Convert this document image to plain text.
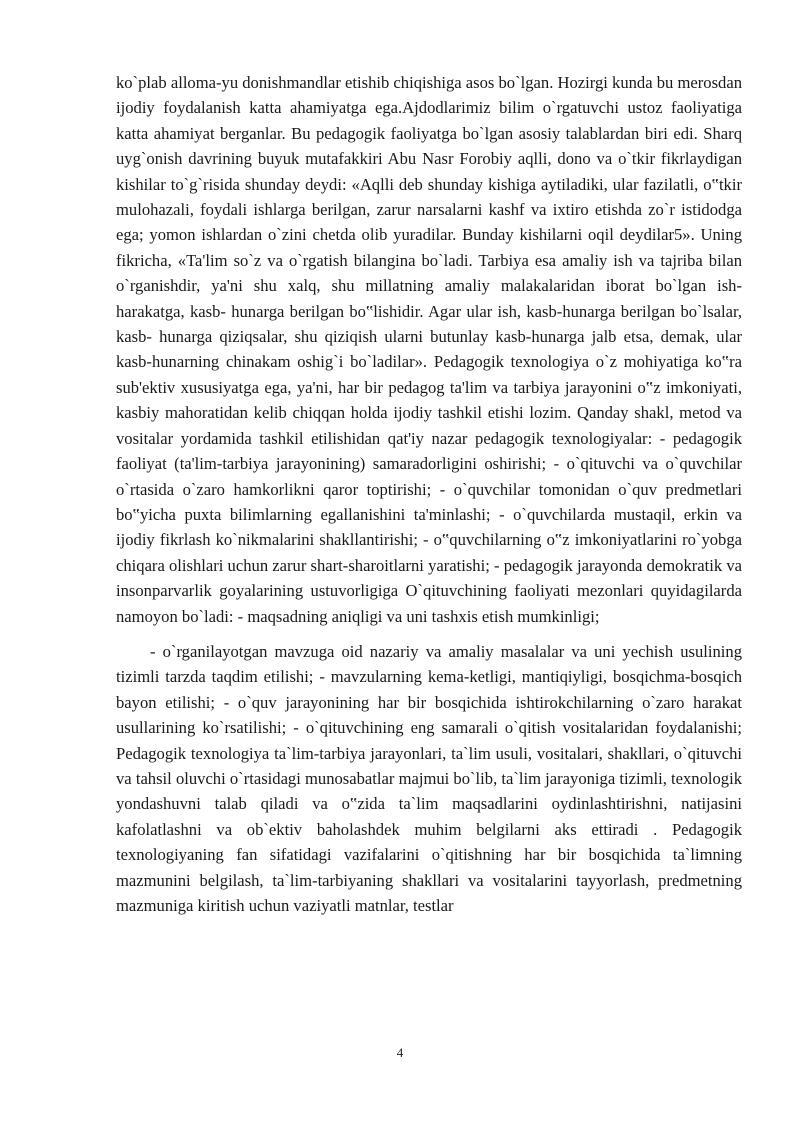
ko`plab alloma-yu donishmandlar etishib chiqishiga asos bo`lgan. Hozirgi kunda bu merosdan ijodiy foydalanish katta ahamiyatga ega.Ajdodlarimiz bilim o`rgatuvchi ustoz faoliyatiga katta ahamiyat berganlar. Bu pedagogik faoliyatga bo`lgan asosiy talablardan biri edi. Sharq uyg`onish davrining buyuk mutafakkiri Abu Nasr Forobiy aqlli, dono va o`tkir fikrlaydigan kishilar to`g`risida shunday deydi: «Aqlli deb shunday kishiga aytiladiki, ular fazilatli, o‟tkir mulohazali, foydali ishlarga berilgan, zarur narsalarni kashf va ixtiro etishda zo`r istidodga ega; yomon ishlardan o`zini chetda olib yuradilar. Bunday kishilarni oqil deydilar5». Uning fikricha, «Ta'lim so`z va o`rgatish bilangina bo`ladi. Tarbiya esa amaliy ish va tajriba bilan o`rganishdir, ya'ni shu xalq, shu millatning amaliy malakalaridan iborat bo`lgan ish-harakatga, kasb- hunarga berilgan bo‟lishidir. Agar ular ish, kasb-hunarga berilgan bo`lsalar, kasb- hunarga qiziqsalar, shu qiziqish ularni butunlay kasb-hunarga jalb etsa, demak, ular kasb-hunarning chinakam oshig`i bo`ladilar». Pedagogik texnologiya o`z mohiyatiga ko‟ra sub'ektiv xususiyatga ega, ya'ni, har bir pedagog ta'lim va tarbiya jarayonini o‟z imkoniyati, kasbiy mahoratidan kelib chiqqan holda ijodiy tashkil etishi lozim. Qanday shakl, metod va vositalar yordamida tashkil etilishidan qat'iy nazar pedagogik texnologiyalar: - pedagogik faoliyat (ta'lim-tarbiya jarayonining) samaradorligini oshirishi; - o`qituvchi va o`quvchilar o`rtasida o`zaro hamkorlikni qaror toptirishi; - o`quvchilar tomonidan o`quv predmetlari bo‟yicha puxta bilimlarning egallanishini ta'minlashi; - o`quvchilarda mustaqil, erkin va ijodiy fikrlash ko`nikmalarini shakllantirishi; - o‟quvchilarning o‟z imkoniyatlarini ro`yobga chiqara olishlari uchun zarur shart-sharoitlarni yaratishi; - pedagogik jarayonda demokratik va insonparvarlik goyalarining ustuvorligiga O`qituvchining faoliyati mezonlari quyidagilarda namoyon bo`ladi: - maqsadning aniqligi va uni tashxis etish mumkinligi;

- o`rganilayotgan mavzuga oid nazariy va amaliy masalalar va uni yechish usulining tizimli tarzda taqdim etilishi; - mavzularning kema-ketligi, mantiqiyligi, bosqichma-bosqich bayon etilishi; - o`quv jarayonining har bir bosqichida ishtirokchilarning o`zaro harakat usullarining ko`rsatilishi; - o`qituvchining eng samarali o`qitish vositalaridan foydalanishi; Pedagogik texnologiya ta`lim-tarbiya jarayonlari, ta`lim usuli, vositalari, shakllari, o`qituvchi va tahsil oluvchi o`rtasidagi munosabatlar majmui bo`lib, ta`lim jarayoniga tizimli, texnologik yondashuvni talab qiladi va o‟zida ta`lim maqsadlarini oydinlashtirishni, natijasini kafolatlashni va ob`ektiv baholashdek muhim belgilarni aks ettiradi . Pedagogik texnologiyaning fan sifatidagi vazifalarini o`qitishning har bir bosqichida ta`limning mazmunini belgilash, ta`lim-tarbiyaning shakllari va vositalarini tayyorlash, predmetning mazmuniga kiritish uchun vaziyatli matnlar, testlar

4
